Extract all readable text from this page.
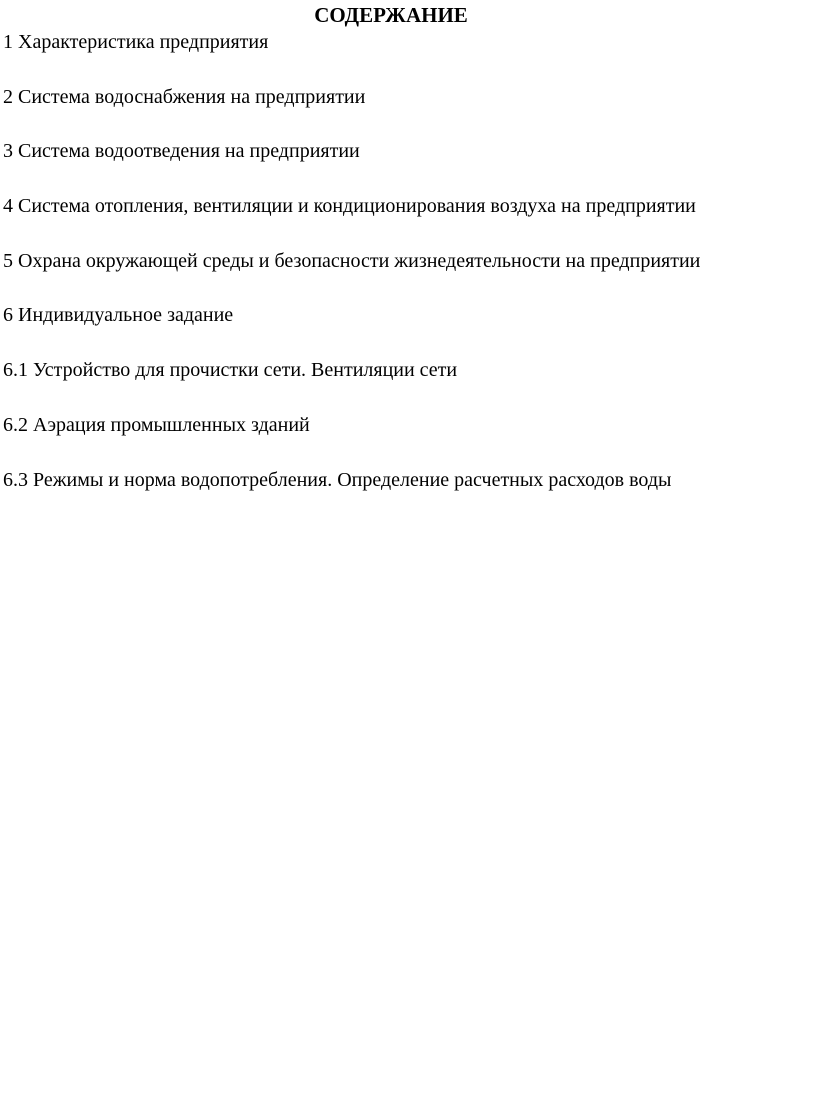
СОДЕРЖАНИЕ
1 Характеристика предприятия
2 Система водоснабжения на предприятии
3 Система водоотведения на предприятии
4 Система отопления, вентиляции и кондиционирования воздуха на предприятии
5 Охрана окружающей среды и безопасности жизнедеятельности на предприятии
6 Индивидуальное задание
6.1 Устройство для прочистки сети. Вентиляции сети
6.2 Аэрация промышленных зданий
6.3 Режимы и норма водопотребления. Определение расчетных расходов воды
